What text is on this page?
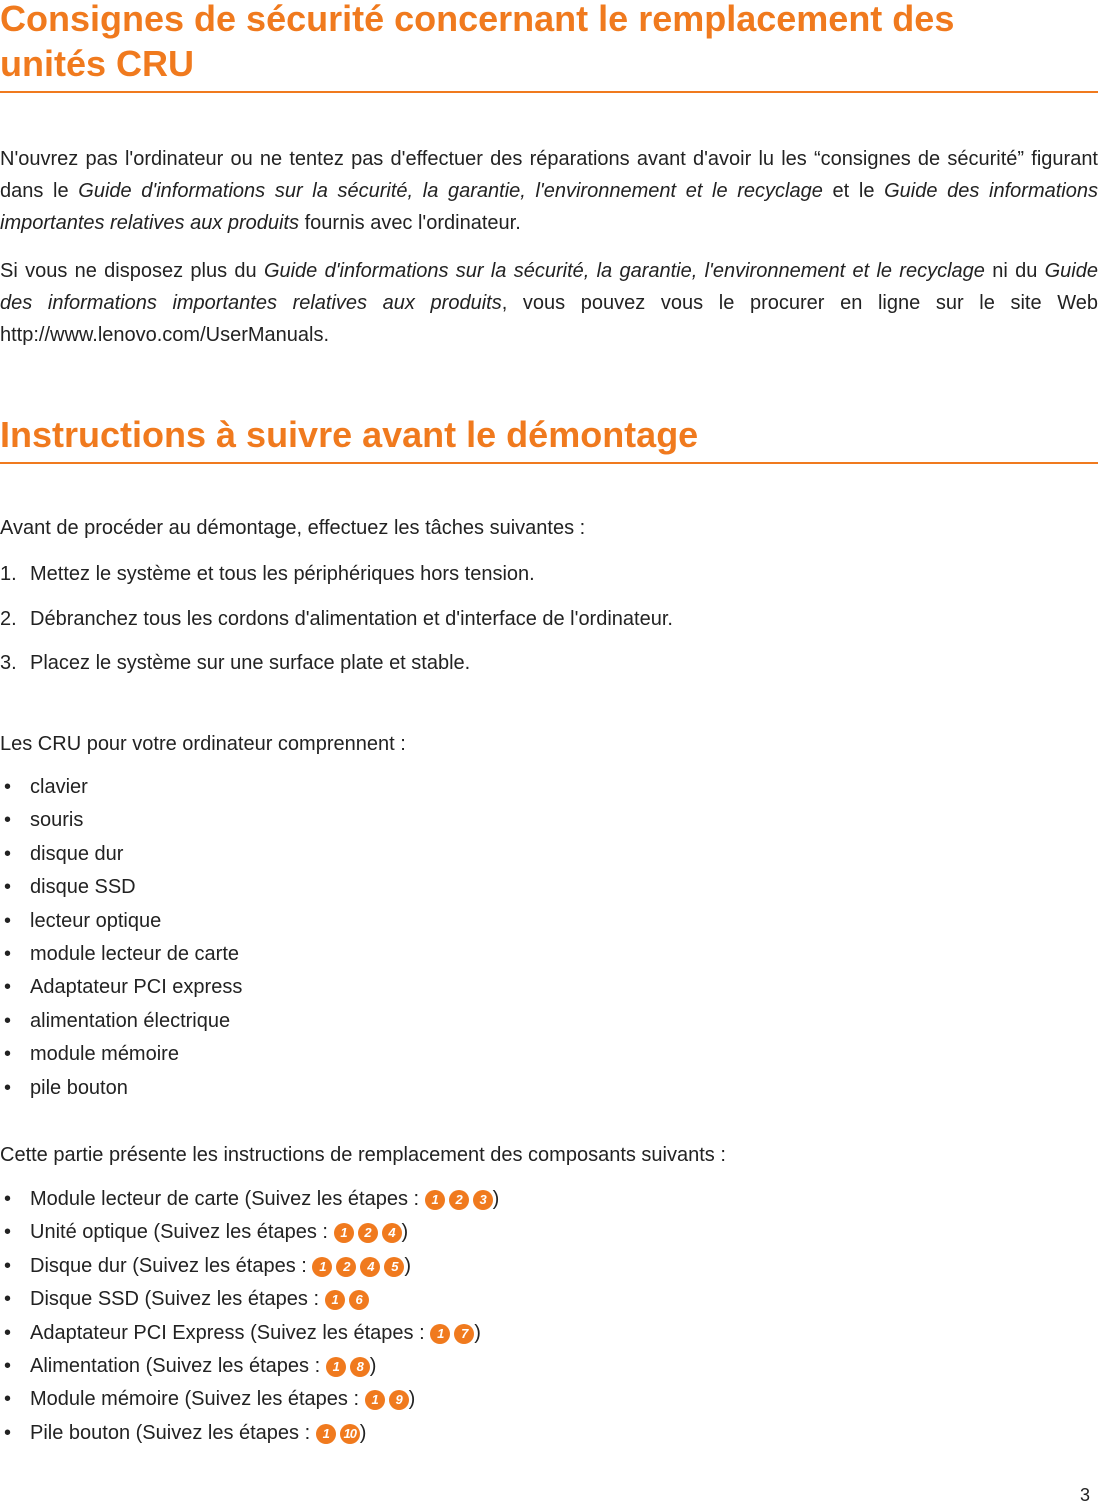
Consignes de sécurité concernant le remplacement des
unités CRU

N'ouvrez pas l'ordinateur ou ne tentez pas d'effectuer des réparations avant d'avoir lu les “consignes de sécurité” figurant dans le Guide d'informations sur la sécurité, la garantie, l'environnement et le recyclage et le Guide des informations importantes relatives aux produits fournis avec l'ordinateur.

Si vous ne disposez plus du Guide d'informations sur la sécurité, la garantie, l'environnement et le recyclage ni du Guide des informations importantes relatives aux produits, vous pouvez vous le procurer en ligne sur le site Web http://www.lenovo.com/UserManuals.

Instructions à suivre avant le démontage
Avant de procéder au démontage, effectuez les tâches suivantes :
1. Mettez le système et tous les périphériques hors tension.
2. Débranchez tous les cordons d'alimentation et d'interface de l'ordinateur.
3. Placez le système sur une surface plate et stable.
Les CRU pour votre ordinateur comprennent :
• clavier
• souris
• disque dur
• disque SSD
• lecteur optique
• module lecteur de carte
• Adaptateur PCI express
• alimentation électrique
• module mémoire
• pile bouton
Cette partie présente les instructions de remplacement des composants suivants :
• Module lecteur de carte (Suivez les étapes : 1 2 3 )
• Unité optique (Suivez les étapes : 1 2 4 )
• Disque dur (Suivez les étapes : 1 2 4 5 )
• Disque SSD (Suivez les étapes : 1 6
• Adaptateur PCI Express (Suivez les étapes : 1 7 )
• Alimentation (Suivez les étapes : 1 8 )
• Module mémoire (Suivez les étapes : 1 9 )
• Pile bouton (Suivez les étapes : 1 10 )
3
